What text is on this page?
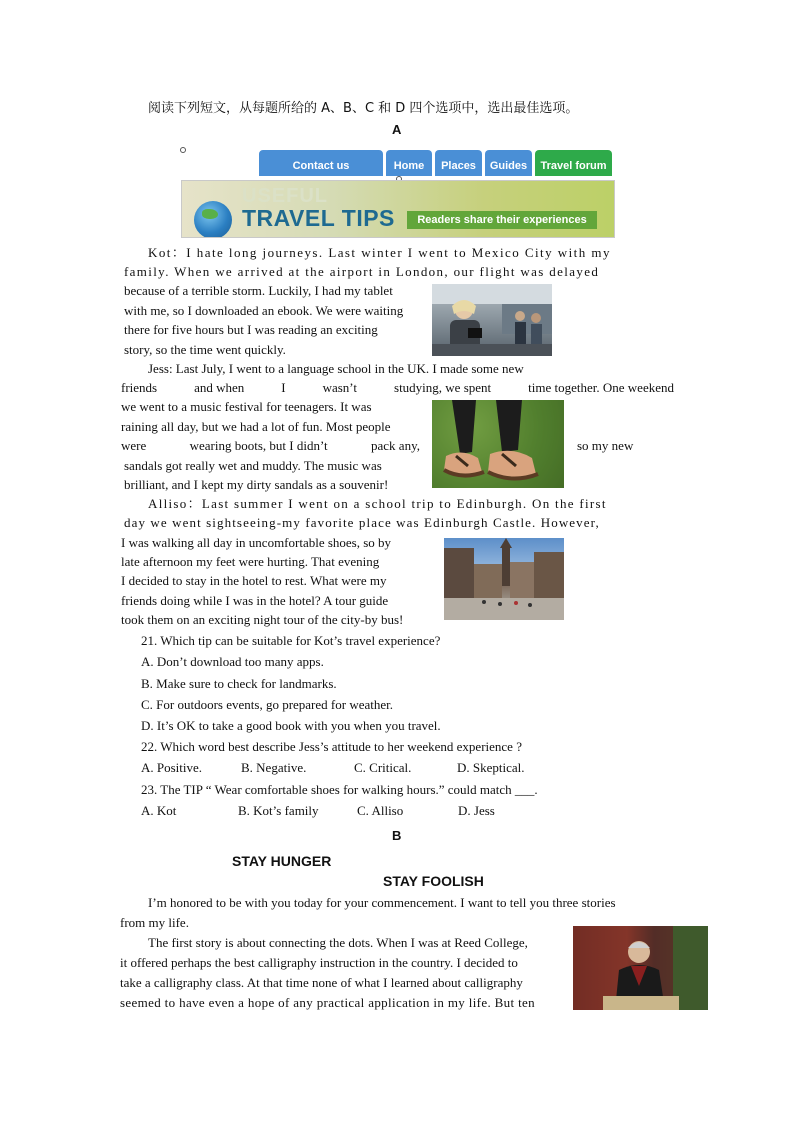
阅读下列短文，从每题所给的 A、B、C 和 D 四个选项中，选出最佳选项。
A
Contact us	Home	Places	Guides	Travel forum
USEFUL
TRAVEL TIPS	Readers share their experiences
Kot：I hate long journeys. Last winter I went to Mexico City with my
family. When we arrived at the airport in London, our flight was delayed
because of a terrible storm. Luckily, I had my tablet
with me, so I downloaded an ebook. We were waiting
there for five hours but I was reading an exciting
story, so the time went quickly.
Jess: Last July, I went to a language school in the UK. I made some new
friends	and when	I	wasn’t	studying, we spent	time together. One weekend
we went to a music festival for teenagers. It was
raining all day, but we had a lot of fun. Most people
were	wearing boots, but I didn’t	pack any,	so my new
sandals got really wet and muddy. The music was
brilliant, and I kept my dirty sandals as a souvenir!
Alliso：Last summer I went on a school trip to Edinburgh. On the first
day we went sightseeing-my favorite place was Edinburgh Castle. However,
I was walking all day in uncomfortable shoes, so by
late afternoon my feet were hurting. That evening
I decided to stay in the hotel to rest. What were my
friends doing while I was in the hotel? A tour guide
took them on an exciting night tour of the city-by bus!
21. Which tip can be suitable for Kot’s travel experience?
A. Don’t download too many apps.
B. Make sure to check for landmarks.
C. For outdoors events, go prepared for weather.
D. It’s OK to take a good book with you when you travel.
22. Which word best describe Jess’s attitude to her weekend experience ?
A. Positive.	B. Negative.	C. Critical.	D. Skeptical.
23. The TIP “ Wear comfortable shoes for walking hours.” could match ___.
A. Kot	B. Kot’s family	C. Alliso	D. Jess
B
STAY HUNGER
STAY FOOLISH
I’m honored to be with you today for your commencement. I want to tell you three stories
from my life.
The first story is about connecting the dots. When I was at Reed College,
it offered perhaps the best calligraphy instruction in the country. I decided to
take a calligraphy class. At that time none of what I learned about calligraphy
seemed to have even a hope of any practical application in my life. But ten
